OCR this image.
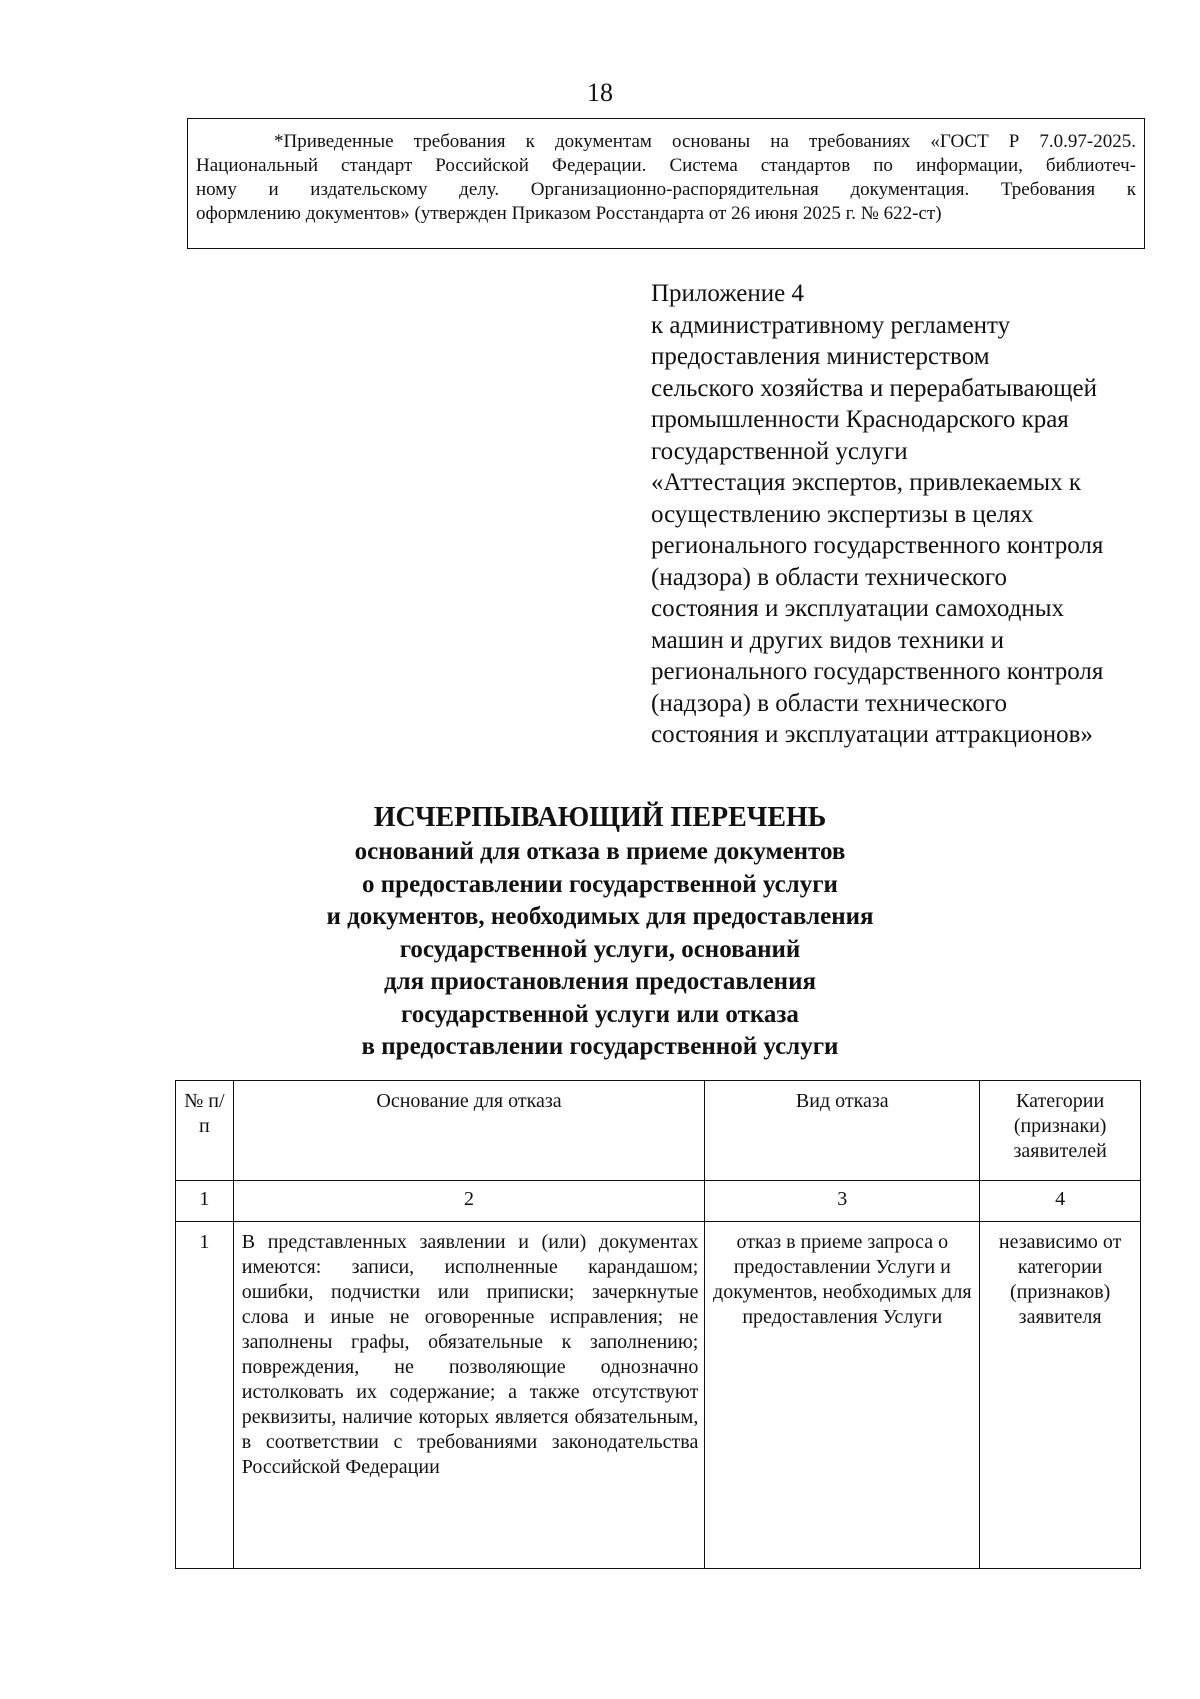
18
*Приведенные требования к документам основаны на требованиях «ГОСТ Р 7.0.97-2025.
Национальный стандарт Российской Федерации. Система стандартов по информации, библиотеч-
ному и издательскому делу. Организационно-распорядительная документация. Требования к
оформлению документов» (утвержден Приказом Росстандарта от 26 июня 2025 г. № 622-ст)
Приложение 4
к административному регламенту
предоставления министерством
сельского хозяйства и перерабатывающей
промышленности Краснодарского края
государственной услуги
«Аттестация экспертов, привлекаемых к
осуществлению экспертизы в целях
регионального государственного контроля
(надзора) в области технического
состояния и эксплуатации самоходных
машин и других видов техники и
регионального государственного контроля
(надзора) в области технического
состояния и эксплуатации аттракционов»
ИСЧЕРПЫВАЮЩИЙ ПЕРЕЧЕНЬ
оснований для отказа в приеме документов
о предоставлении государственной услуги
и документов, необходимых для предоставления
государственной услуги, оснований
для приостановления предоставления
государственной услуги или отказа
в предоставлении государственной услуги
№ п/п	Основание для отказа	Вид отказа	Категории (признаки) заявителей
1	2	3	4
1	В представленных заявлении и (или) документах имеются: записи, исполненные карандашом; ошибки, подчистки или приписки; зачеркнутые слова и иные не оговоренные исправления; не заполнены графы, обязательные к заполнению; повреждения, не позволяющие однозначно истолковать их содержание; а также отсутствуют реквизиты, наличие которых является обязательным, в соответствии с требованиями законодательства Российской Федерации	отказ в приеме запроса о предоставлении Услуги и документов, необходимых для предоставления Услуги	независимо от категории (признаков) заявителя
